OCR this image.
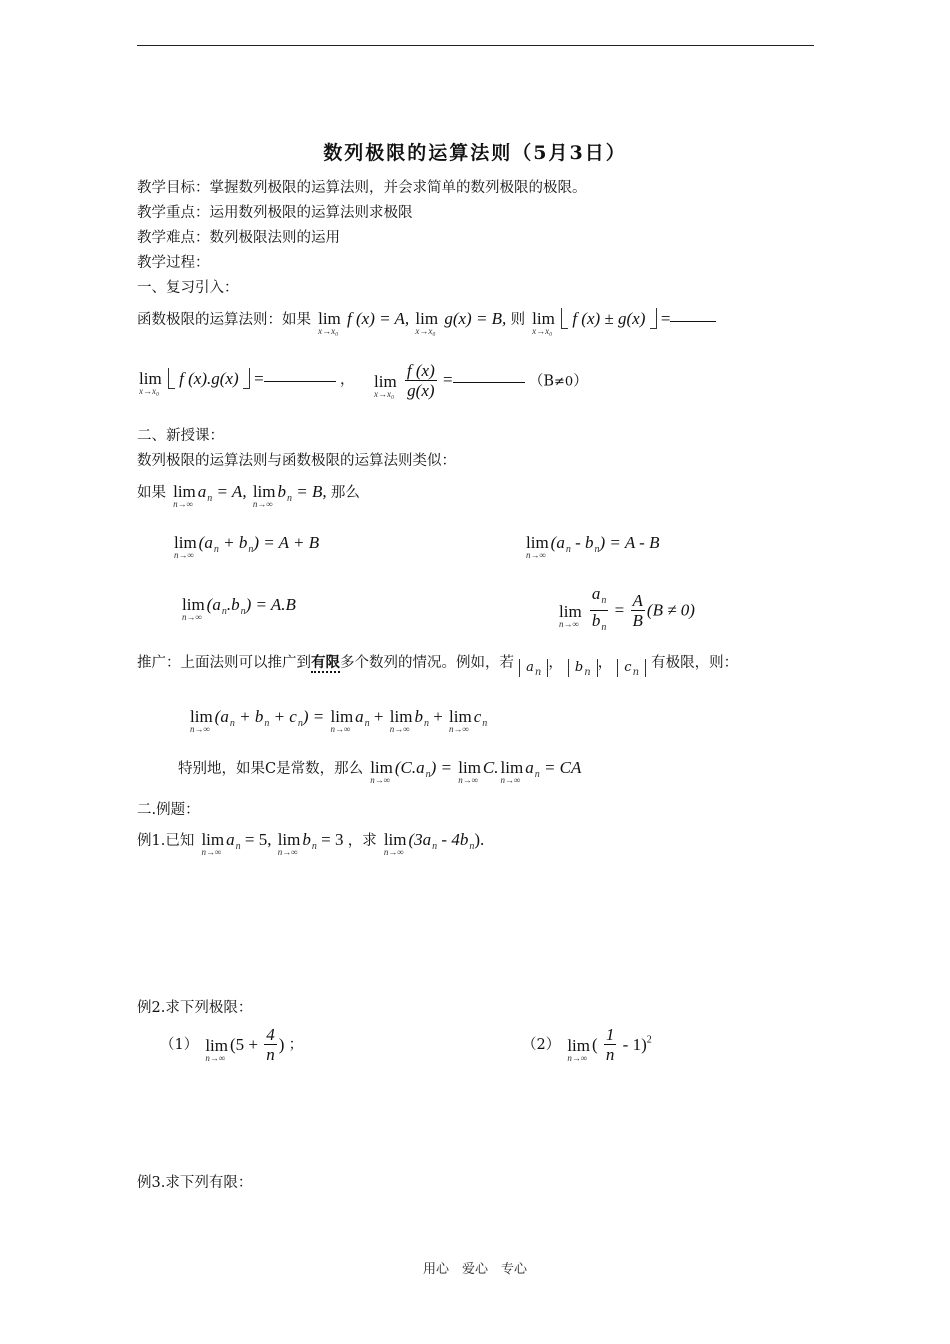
数列极限的运算法则（5月3日）
教学目标：掌握数列极限的运算法则，并会求简单的数列极限的极限。
教学重点：运用数列极限的运算法则求极限
教学难点：数列极限法则的运用
教学过程：
一、复习引入：
函数极限的运算法则：如果 lim
x→x₀
f (x) = A, lim
x→x₀
g(x) = B, 则 lim
x→x₀
f (x) ± g(x) =
lim
x→x₀
f (x).g(x) =	， lim
x→x₀
$\frac{f (x)}{g(x)}$ =	（B≠0）
二、新授课：
数列极限的运算法则与函数极限的运算法则类似：
如果 lim
n→∞
$a_n = A$, lim
n→∞
$b_n = B$, 那么
lim
n→∞
$(a_n + b_n) = A + B$	lim
n→∞
$(a_n - b_n) = A - B$
lim
n→∞
$(a_n.b_n) = A.B$	lim
n→∞
$\frac{a_n}{b_n} = \frac{A}{B} (B \ne 0)$
推广：上面法则可以推广到有限多个数列的情况。例如，若 $a_n$， $b_n$， $c_n$ 有极限，则：
lim
n→∞
$(a_n + b_n + c_n) = \lim$
n→∞
$a_n + \lim$
n→∞
$b_n + \lim$
n→∞
$c_n$
特别地，如果C是常数，那么 lim
n→∞
$(C.a_n) = \lim$
n→∞
C. lim
n→∞
$a_n$ = CA
二.例题：
例1.已知 lim
n→∞
$a_n = 5$, lim
n→∞
$b_n = 3$ ，求 lim
n→∞
$(3a_n - 4b_n)$.
例2.求下列极限：
（1） lim
n→∞
($5 + \frac{4}{n}$ ) ；	（2） lim
n→∞
( $\frac{1}{n} - 1)^2$
例3.求下列有限：
用心　爱心　专心
